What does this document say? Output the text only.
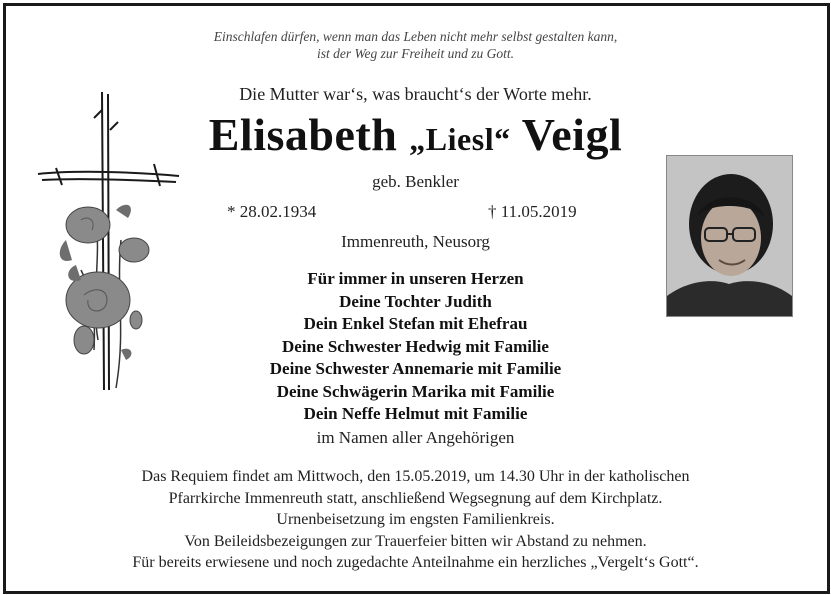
Einschlafen dürfen, wenn man das Leben nicht mehr selbst gestalten kann,
ist der Weg zur Freiheit und zu Gott.
Die Mutter war‘s, was braucht‘s der Worte mehr.
Elisabeth „Liesl“ Veigl
geb. Benkler
* 28.02.1934	† 11.05.2019
Immenreuth, Neusorg
Für immer in unseren Herzen
Deine Tochter Judith
Dein Enkel Stefan mit Ehefrau
Deine Schwester Hedwig mit Familie
Deine Schwester Annemarie mit Familie
Deine Schwägerin Marika mit Familie
Dein Neffe Helmut mit Familie
im Namen aller Angehörigen
Das Requiem findet am Mittwoch, den 15.05.2019, um 14.30 Uhr in der katholischen
Pfarrkirche Immenreuth statt, anschließend Wegsegnung auf dem Kirchplatz.
Urnenbeisetzung im engsten Familienkreis.
Von Beileidsbezeigungen zur Trauerfeier bitten wir Abstand zu nehmen.
Für bereits erwiesene und noch zugedachte Anteilnahme ein herzliches „Vergelt‘s Gott“.
